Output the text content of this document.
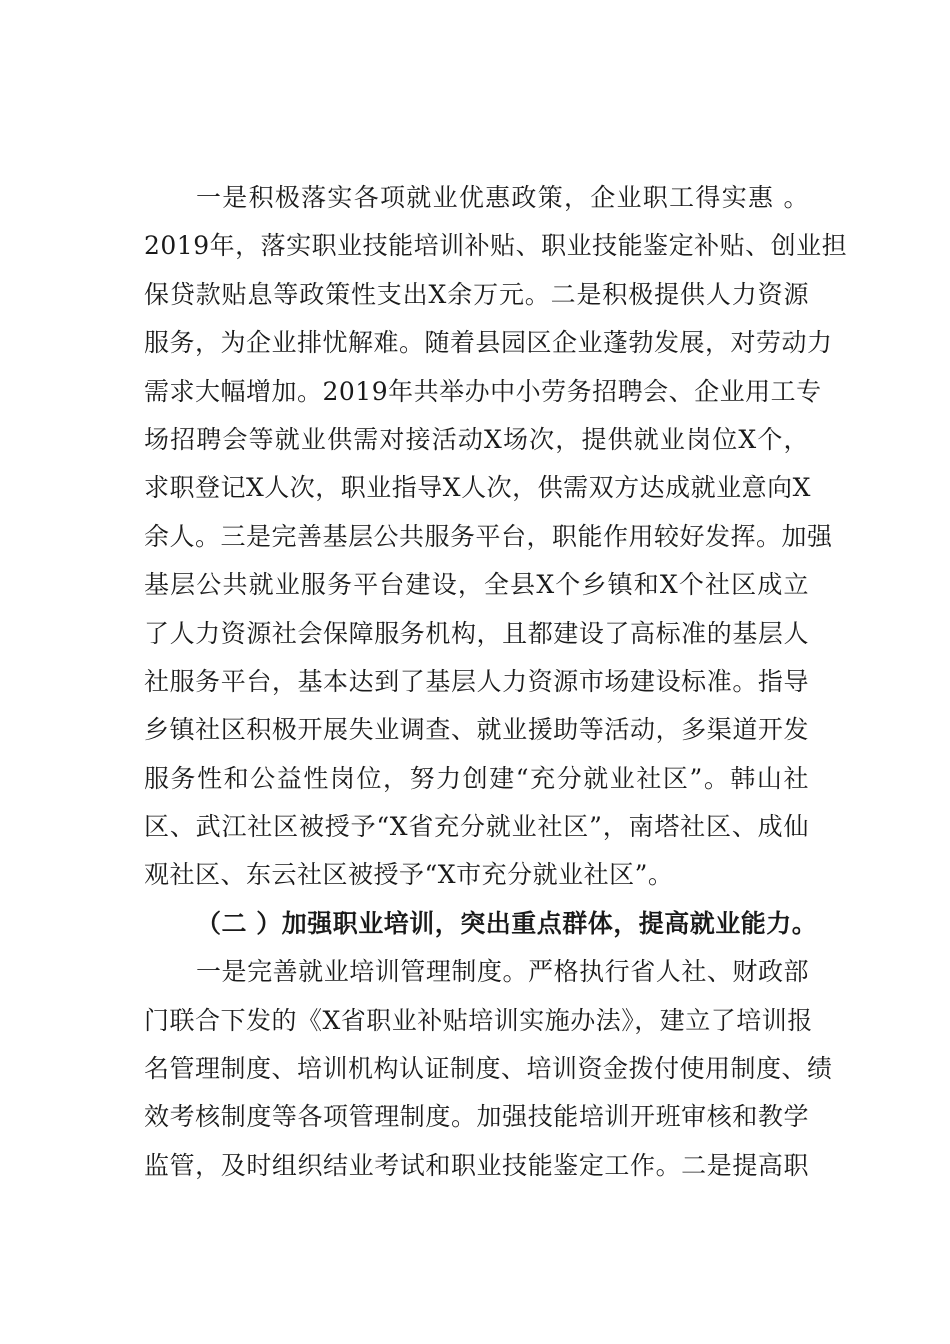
一是积极落实各项就业优惠政策，企业职工得实惠 。
2019年，落实职业技能培训补贴、职业技能鉴定补贴、创业担
保贷款贴息等政策性支出X余万元。二是积极提供人力资源
服务，为企业排忧解难。随着县园区企业蓬勃发展，对劳动力
需求大幅增加。2019年共举办中小劳务招聘会、企业用工专
场招聘会等就业供需对接活动X场次，提供就业岗位X个，
求职登记X人次，职业指导X人次，供需双方达成就业意向X
余人。三是完善基层公共服务平台，职能作用较好发挥。加强
基层公共就业服务平台建设，全县X个乡镇和X个社区成立
了人力资源社会保障服务机构，且都建设了高标准的基层人
社服务平台，基本达到了基层人力资源市场建设标准。指导
乡镇社区积极开展失业调查、就业援助等活动，多渠道开发
服务性和公益性岗位，努力创建“充分就业社区”。韩山社
区、武江社区被授予“X省充分就业社区”，南塔社区、成仙
观社区、东云社区被授予“X市充分就业社区”。
（二 ）加强职业培训，突出重点群体，提高就业能力。
一是完善就业培训管理制度。严格执行省人社、财政部
门联合下发的《X省职业补贴培训实施办法》，建立了培训报
名管理制度、培训机构认证制度、培训资金拨付使用制度、绩
效考核制度等各项管理制度。加强技能培训开班审核和教学
监管，及时组织结业考试和职业技能鉴定工作。二是提高职
